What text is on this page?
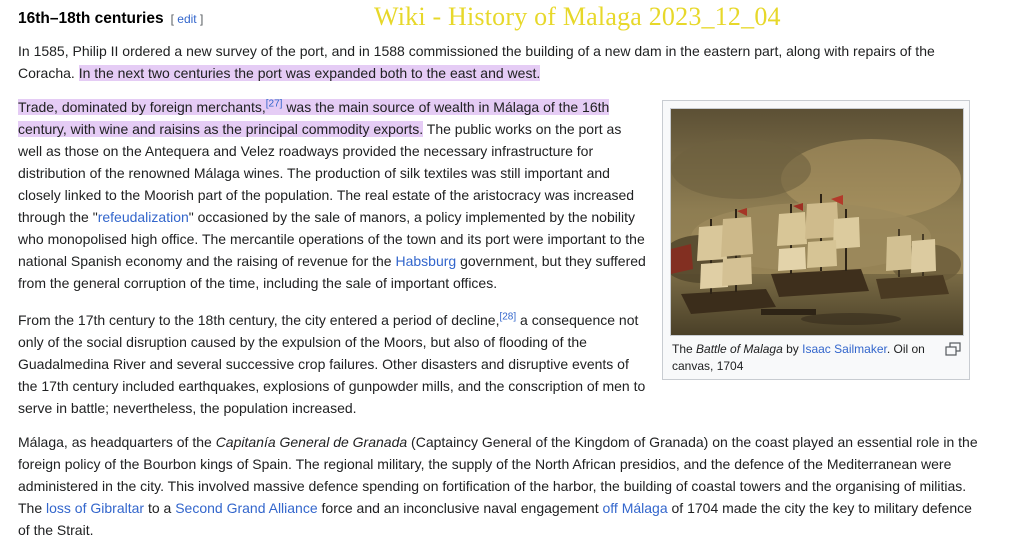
16th–18th centuries [ edit ]	Wiki - History of Malaga 2023_12_04

In 1585, Philip II ordered a new survey of the port, and in 1588 commissioned the building of a new dam in the eastern part, along with repairs of the Coracha. In the next two centuries the port was expanded both to the east and west.

Trade, dominated by foreign merchants,[27] was the main source of wealth in Málaga of the 16th century, with wine and raisins as the principal commodity exports. The public works on the port as well as those on the Antequera and Velez roadways provided the necessary infrastructure for distribution of the renowned Málaga wines. The production of silk textiles was still important and closely linked to the Moorish part of the population. The real estate of the aristocracy was increased through the "refeudalization" occasioned by the sale of manors, a policy implemented by the nobility who monopolised high office. The mercantile operations of the town and its port were important to the national Spanish economy and the raising of revenue for the Habsburg government, but they suffered from the general corruption of the time, including the sale of important offices.

From the 17th century to the 18th century, the city entered a period of decline,[28] a consequence not only of the social disruption caused by the expulsion of the Moors, but also of flooding of the Guadalmedina River and several successive crop failures. Other disasters and disruptive events of the 17th century included earthquakes, explosions of gunpowder mills, and the conscription of men to serve in battle; nevertheless, the population increased.

Málaga, as headquarters of the Capitanía General de Granada (Captaincy General of the Kingdom of Granada) on the coast played an essential role in the foreign policy of the Bourbon kings of Spain. The regional military, the supply of the North African presidios, and the defence of the Mediterranean were administered in the city. This involved massive defence spending on fortification of the harbor, the building of coastal towers and the organising of militias. The loss of Gibraltar to a Second Grand Alliance force and an inconclusive naval engagement off Málaga of 1704 made the city the key to military defence of the Strait.

The Battle of Malaga by Isaac Sailmaker. Oil on canvas, 1704
